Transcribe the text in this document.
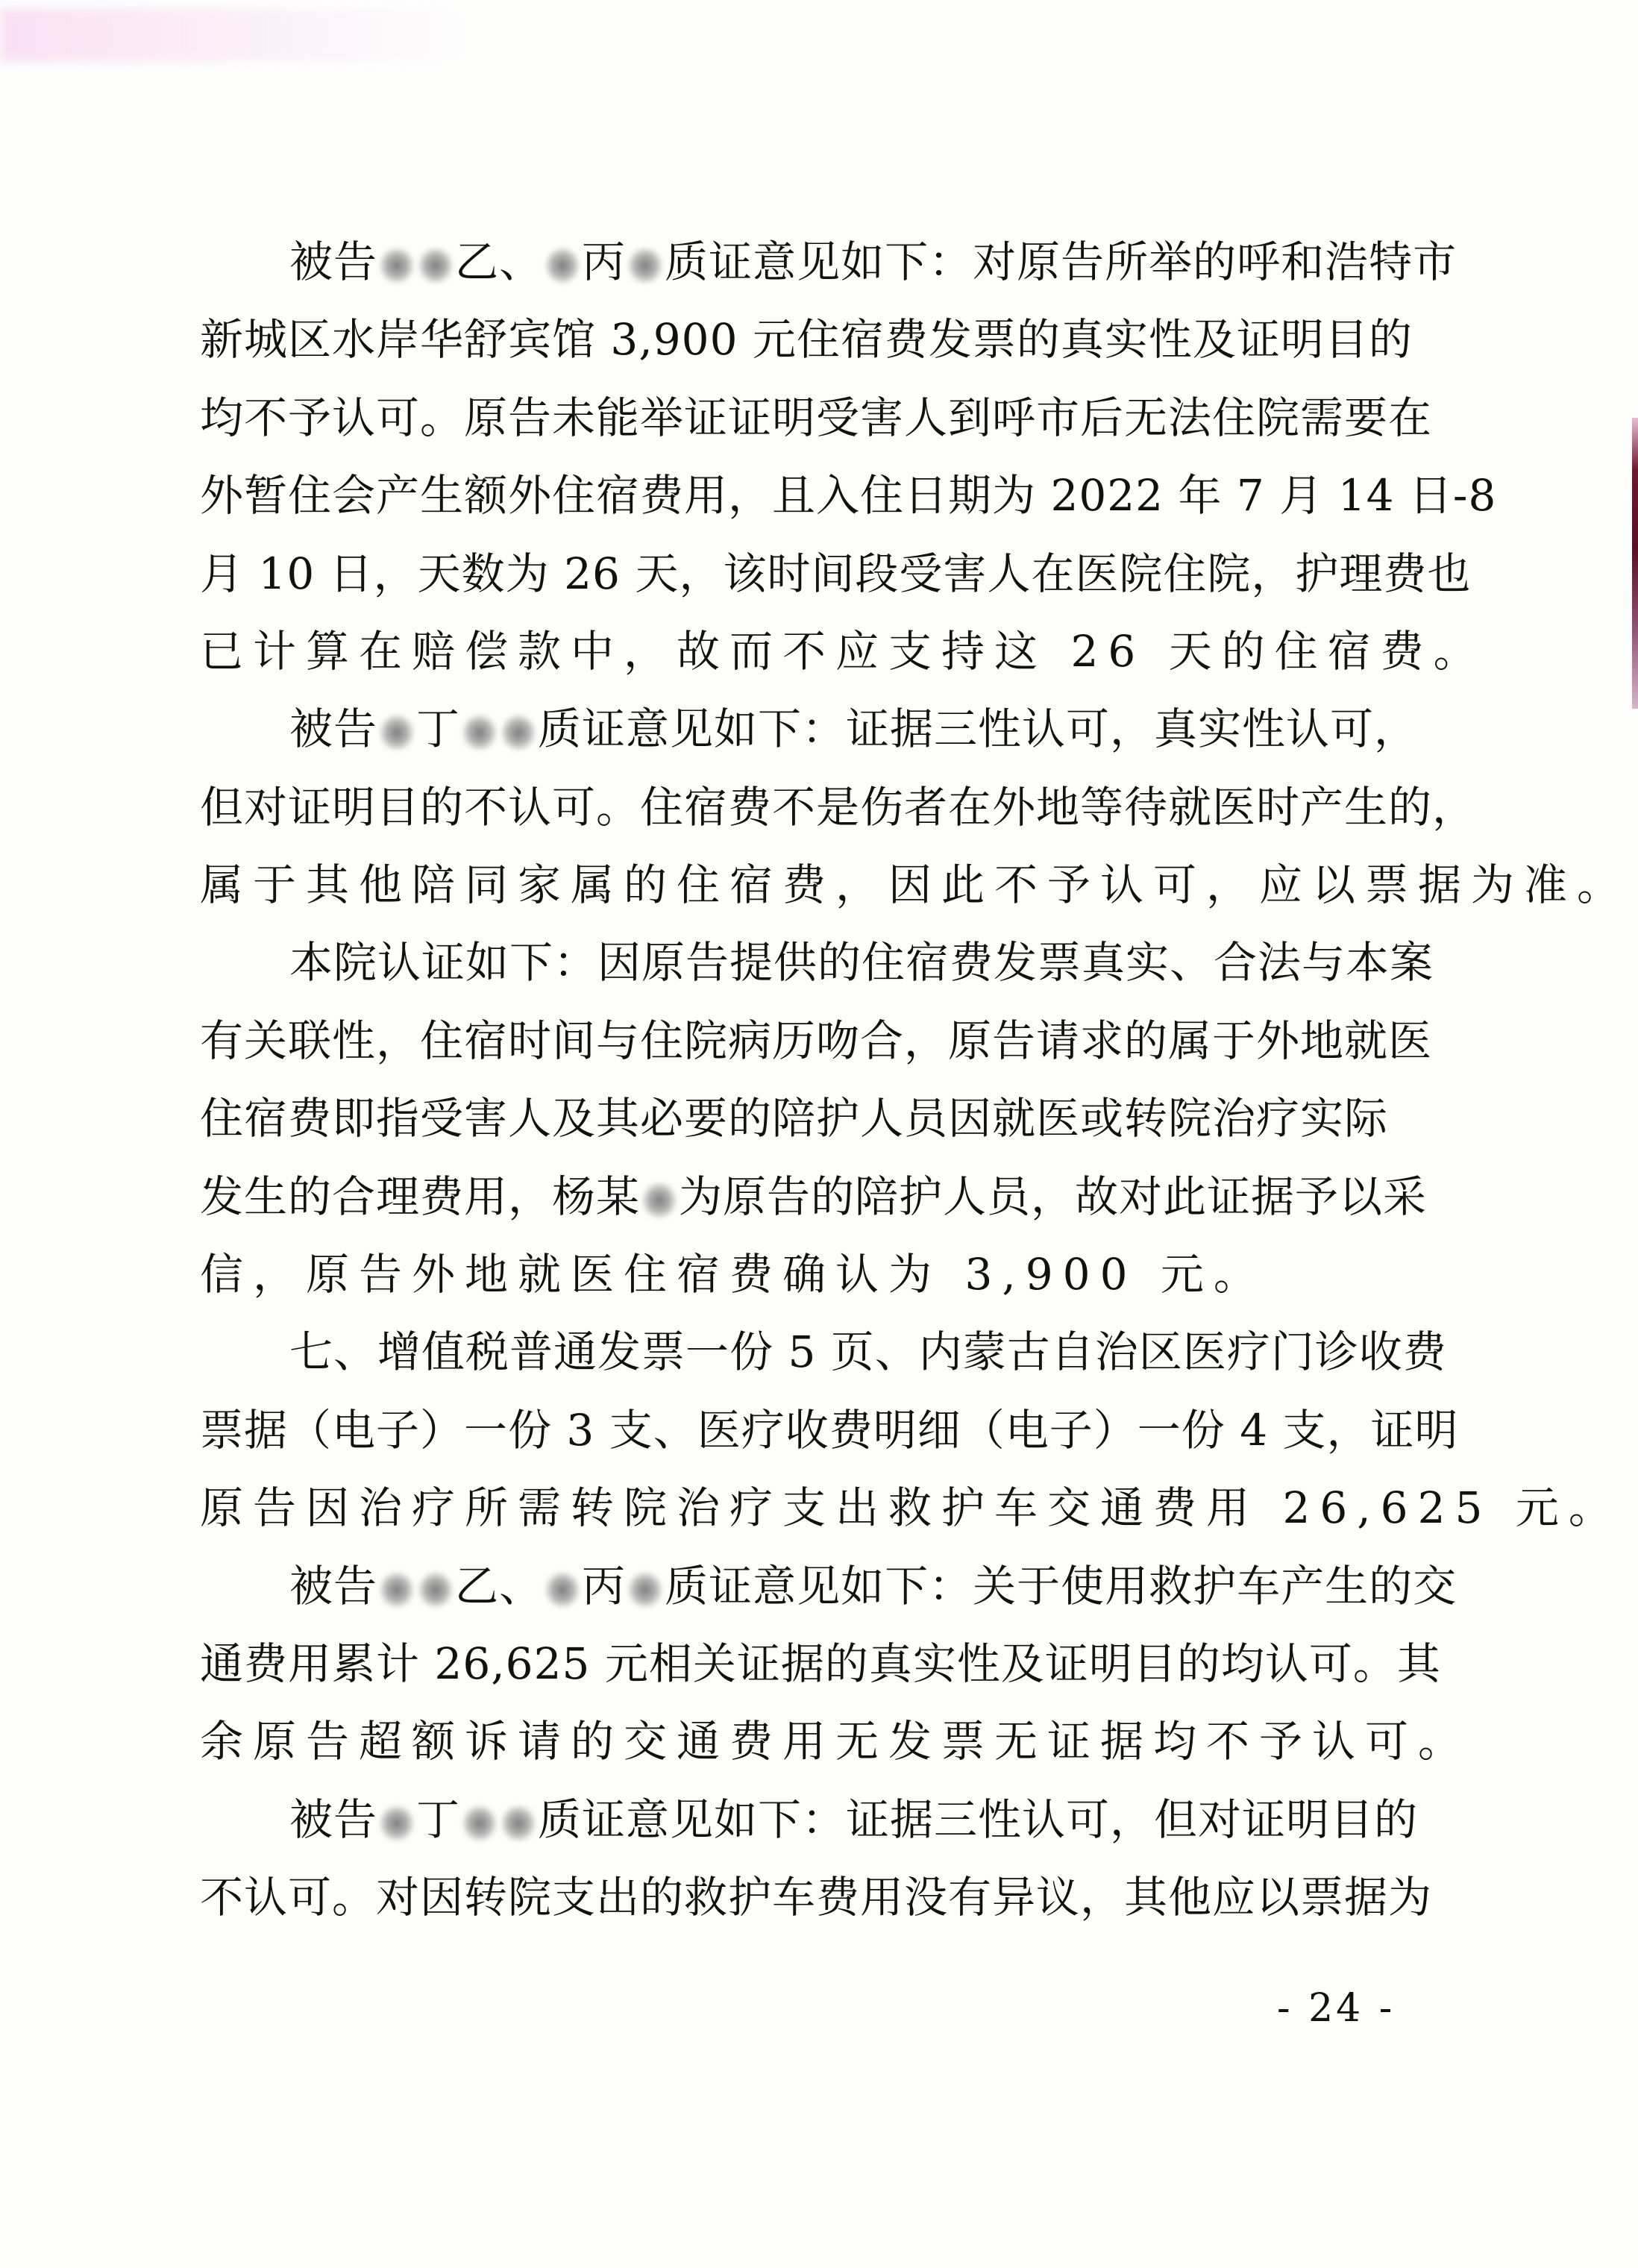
被告 乙、 丙 质证意见如下：对原告所举的呼和浩特市
新城区水岸华舒宾馆 3,900 元住宿费发票的真实性及证明目的
均不予认可。原告未能举证证明受害人到呼市后无法住院需要在
外暂住会产生额外住宿费用，且入住日期为 2022 年 7 月 14 日-8
月 10 日，天数为 26 天，该时间段受害人在医院住院，护理费也
已计算在赔偿款中，故而不应支持这 26 天的住宿费。
被告 丁 质证意见如下：证据三性认可，真实性认可，
但对证明目的不认可。住宿费不是伤者在外地等待就医时产生的，
属于其他陪同家属的住宿费，因此不予认可，应以票据为准。
本院认证如下：因原告提供的住宿费发票真实、合法与本案
有关联性，住宿时间与住院病历吻合，原告请求的属于外地就医
住宿费即指受害人及其必要的陪护人员因就医或转院治疗实际
发生的合理费用，杨某 为原告的陪护人员，故对此证据予以采
信，原告外地就医住宿费确认为 3,900 元。
七、增值税普通发票一份 5 页、内蒙古自治区医疗门诊收费
票据（电子）一份 3 支、医疗收费明细（电子）一份 4 支，证明
原告因治疗所需转院治疗支出救护车交通费用 26,625 元。
被告 乙、 丙 质证意见如下：关于使用救护车产生的交
通费用累计 26,625 元相关证据的真实性及证明目的均认可。其
余原告超额诉请的交通费用无发票无证据均不予认可。
被告 丁 质证意见如下：证据三性认可，但对证明目的
不认可。对因转院支出的救护车费用没有异议，其他应以票据为
- 24 -
